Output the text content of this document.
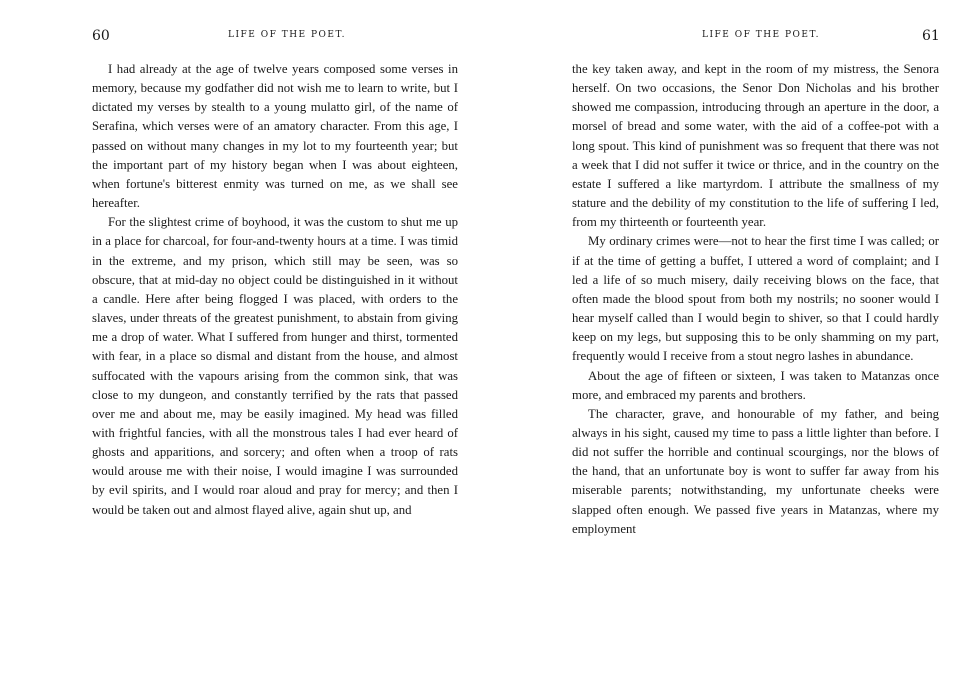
60	LIFE OF THE POET.

I had already at the age of twelve years composed some verses in memory, because my godfather did not wish me to learn to write, but I dictated my verses by stealth to a young mulatto girl, of the name of Serafina, which verses were of an amatory character. From this age, I passed on without many changes in my lot to my fourteenth year; but the important part of my history began when I was about eighteen, when fortune's bitterest enmity was turned on me, as we shall see hereafter.

For the slightest crime of boyhood, it was the custom to shut me up in a place for charcoal, for four-and-twenty hours at a time. I was timid in the extreme, and my prison, which still may be seen, was so obscure, that at mid-day no object could be distinguished in it without a candle. Here after being flogged I was placed, with orders to the slaves, under threats of the greatest punishment, to abstain from giving me a drop of water. What I suffered from hunger and thirst, tormented with fear, in a place so dismal and distant from the house, and almost suffocated with the vapours arising from the common sink, that was close to my dungeon, and constantly terrified by the rats that passed over me and about me, may be easily imagined. My head was filled with frightful fancies, with all the monstrous tales I had ever heard of ghosts and apparitions, and sorcery; and often when a troop of rats would arouse me with their noise, I would imagine I was surrounded by evil spirits, and I would roar aloud and pray for mercy; and then I would be taken out and almost flayed alive, again shut up, and

LIFE OF THE POET.	61

the key taken away, and kept in the room of my mistress, the Senora herself. On two occasions, the Senor Don Nicholas and his brother showed me compassion, introducing through an aperture in the door, a morsel of bread and some water, with the aid of a coffee-pot with a long spout. This kind of punishment was so frequent that there was not a week that I did not suffer it twice or thrice, and in the country on the estate I suffered a like martyrdom. I attribute the smallness of my stature and the debility of my constitution to the life of suffering I led, from my thirteenth or fourteenth year.

My ordinary crimes were—not to hear the first time I was called; or if at the time of getting a buffet, I uttered a word of complaint; and I led a life of so much misery, daily receiving blows on the face, that often made the blood spout from both my nostrils; no sooner would I hear myself called than I would begin to shiver, so that I could hardly keep on my legs, but supposing this to be only shamming on my part, frequently would I receive from a stout negro lashes in abundance.

About the age of fifteen or sixteen, I was taken to Matanzas once more, and embraced my parents and brothers.

The character, grave, and honourable of my father, and being always in his sight, caused my time to pass a little lighter than before. I did not suffer the horrible and continual scourgings, nor the blows of the hand, that an unfortunate boy is wont to suffer far away from his miserable parents; notwithstanding, my unfortunate cheeks were slapped often enough. We passed five years in Matanzas, where my employment
